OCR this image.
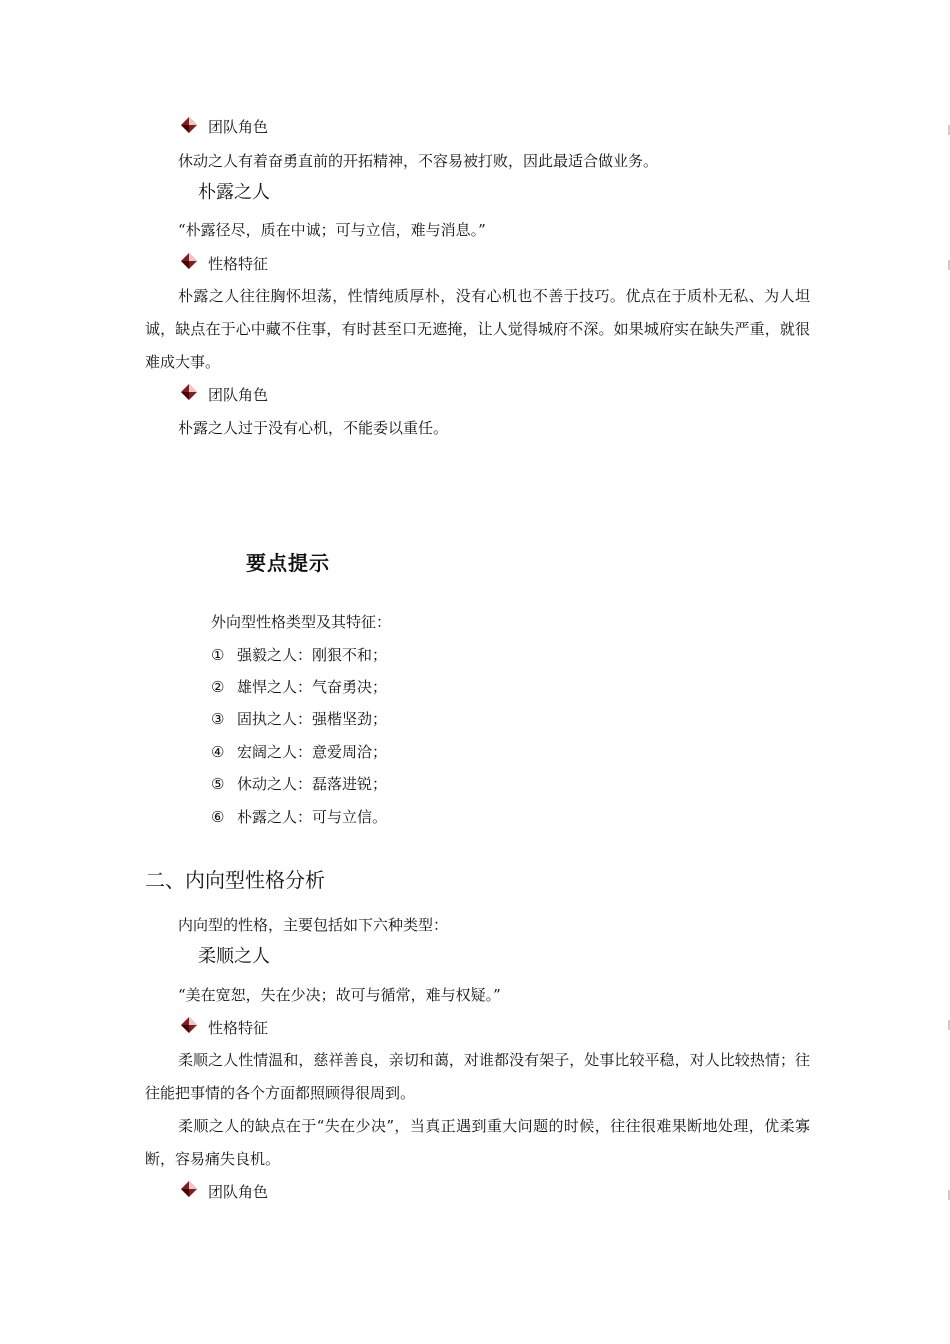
团队角色
休动之人有着奋勇直前的开拓精神，不容易被打败，因此最适合做业务。
朴露之人
“朴露径尽，质在中诚；可与立信，难与消息。”
性格特征
朴露之人往往胸怀坦荡，性情纯质厚朴，没有心机也不善于技巧。优点在于质朴无私、为人坦诚，缺点在于心中藏不住事，有时甚至口无遮掩，让人觉得城府不深。如果城府实在缺失严重，就很难成大事。
团队角色
朴露之人过于没有心机，不能委以重任。
要点提示
外向型性格类型及其特征：
① 强毅之人：刚狠不和；
② 雄悍之人：气奋勇决；
③ 固执之人：强楷坚劲；
④ 宏阔之人：意爱周洽；
⑤ 休动之人：磊落进锐；
⑥ 朴露之人：可与立信。
二、内向型性格分析
内向型的性格，主要包括如下六种类型：
柔顺之人
“美在宽恕，失在少决；故可与循常，难与权疑。”
性格特征
柔顺之人性情温和，慈祥善良，亲切和蔼，对谁都没有架子，处事比较平稳，对人比较热情；往往能把事情的各个方面都照顾得很周到。
柔顺之人的缺点在于“失在少决”，当真正遇到重大问题的时候，往往很难果断地处理，优柔寡断，容易痛失良机。
团队角色
